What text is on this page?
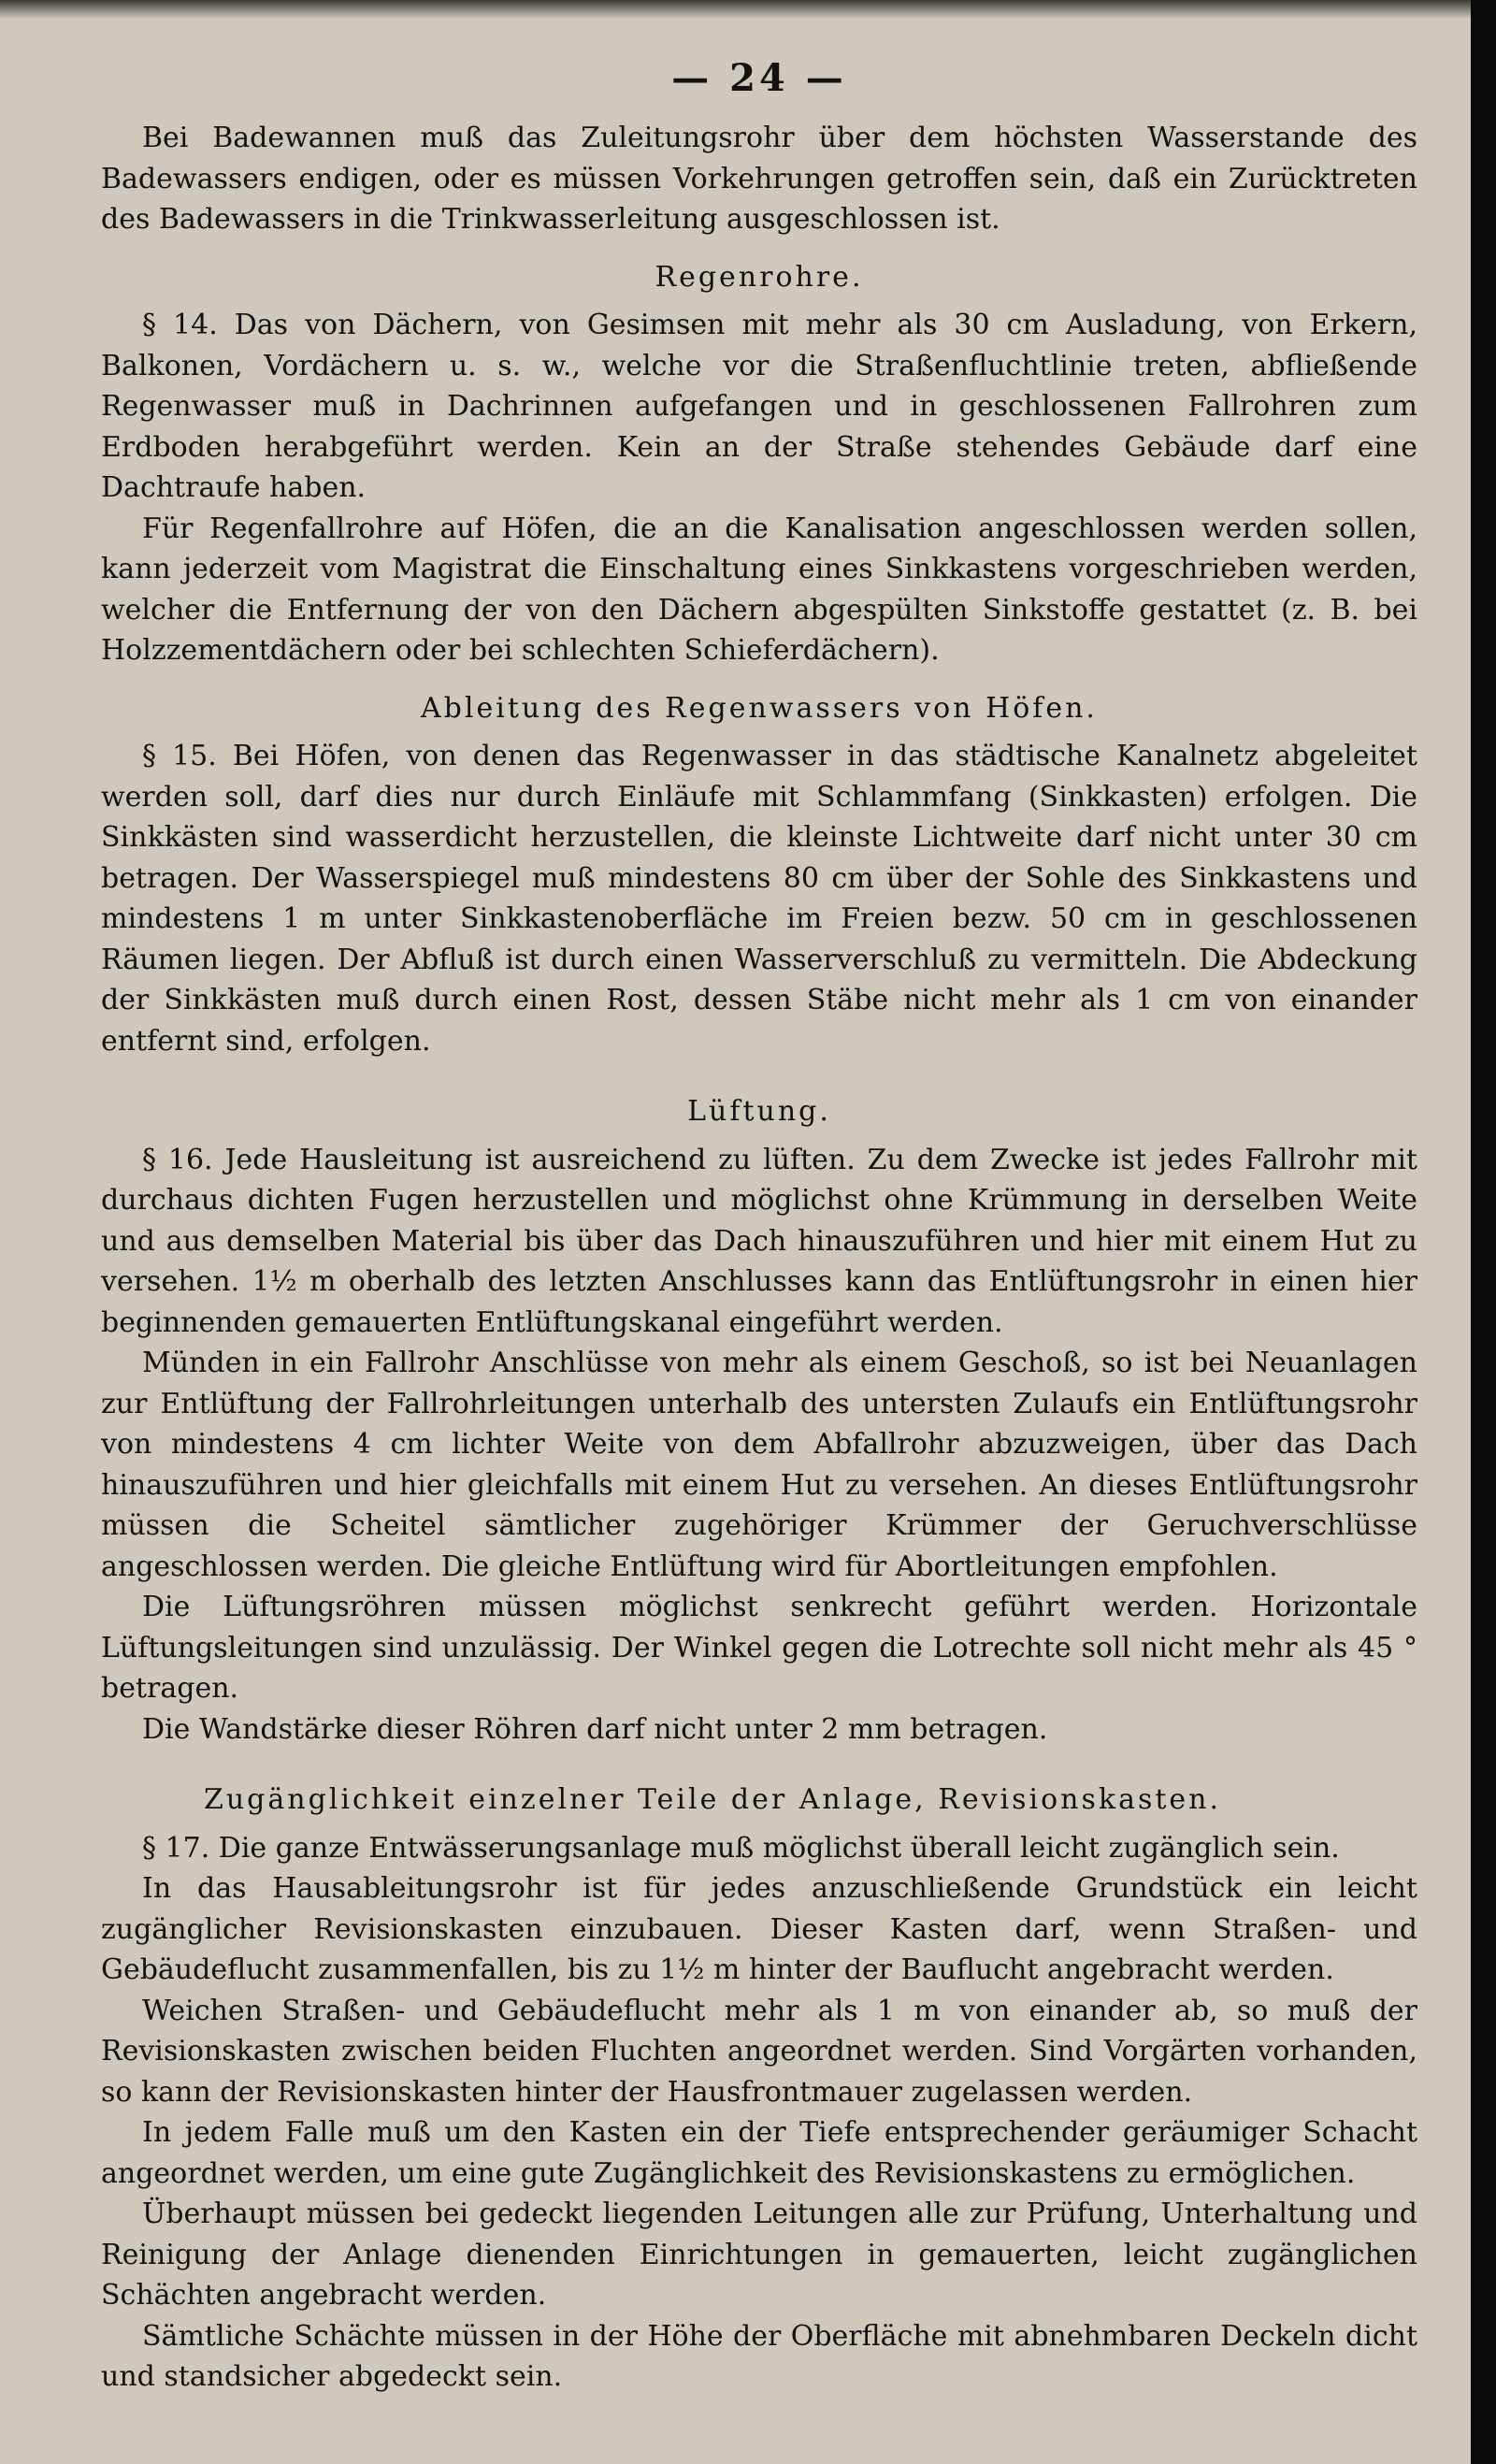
— 24 —

Bei Badewannen muß das Zuleitungsrohr über dem höchsten Wasserstande des Badewassers endigen, oder es müssen Vorkehrungen getroffen sein, daß ein Zurücktreten des Badewassers in die Trinkwasserleitung ausgeschlossen ist.

Regenrohre.

§ 14. Das von Dächern, von Gesimsen mit mehr als 30 cm Ausladung, von Erkern, Balkonen, Vordächern u. s. w., welche vor die Straßenfluchtlinie treten, abfließende Regenwasser muß in Dachrinnen aufgefangen und in geschlossenen Fallrohren zum Erdboden herabgeführt werden. Kein an der Straße stehendes Gebäude darf eine Dachtraufe haben.

Für Regenfallrohre auf Höfen, die an die Kanalisation angeschlossen werden sollen, kann jederzeit vom Magistrat die Einschaltung eines Sinkkastens vorgeschrieben werden, welcher die Entfernung der von den Dächern abgespülten Sinkstoffe gestattet (z. B. bei Holzzementdächern oder bei schlechten Schieferdächern).

Ableitung des Regenwassers von Höfen.

§ 15. Bei Höfen, von denen das Regenwasser in das städtische Kanalnetz abgeleitet werden soll, darf dies nur durch Einläufe mit Schlammfang (Sinkkasten) erfolgen. Die Sinkkästen sind wasserdicht herzustellen, die kleinste Lichtweite darf nicht unter 30 cm betragen. Der Wasserspiegel muß mindestens 80 cm über der Sohle des Sinkkastens und mindestens 1 m unter Sinkkastenoberfläche im Freien bezw. 50 cm in geschlossenen Räumen liegen. Der Abfluß ist durch einen Wasserverschluß zu vermitteln. Die Abdeckung der Sinkkästen muß durch einen Rost, dessen Stäbe nicht mehr als 1 cm von einander entfernt sind, erfolgen.

Lüftung.

§ 16. Jede Hausleitung ist ausreichend zu lüften. Zu dem Zwecke ist jedes Fallrohr mit durchaus dichten Fugen herzustellen und möglichst ohne Krümmung in derselben Weite und aus demselben Material bis über das Dach hinauszuführen und hier mit einem Hut zu versehen. 1½ m oberhalb des letzten Anschlusses kann das Entlüftungsrohr in einen hier beginnenden gemauerten Entlüftungskanal eingeführt werden.

Münden in ein Fallrohr Anschlüsse von mehr als einem Geschoß, so ist bei Neuanlagen zur Entlüftung der Fallrohrleitungen unterhalb des untersten Zulaufs ein Entlüftungsrohr von mindestens 4 cm lichter Weite von dem Abfallrohr abzuzweigen, über das Dach hinauszuführen und hier gleichfalls mit einem Hut zu versehen. An dieses Entlüftungsrohr müssen die Scheitel sämtlicher zugehöriger Krümmer der Geruchverschlüsse angeschlossen werden. Die gleiche Entlüftung wird für Abortleitungen empfohlen.

Die Lüftungsröhren müssen möglichst senkrecht geführt werden. Horizontale Lüftungsleitungen sind unzulässig. Der Winkel gegen die Lotrechte soll nicht mehr als 45 ° betragen.

Die Wandstärke dieser Röhren darf nicht unter 2 mm betragen.

Zugänglichkeit einzelner Teile der Anlage, Revisionskasten.

§ 17. Die ganze Entwässerungsanlage muß möglichst überall leicht zugänglich sein.

In das Hausableitungsrohr ist für jedes anzuschließende Grundstück ein leicht zugänglicher Revisionskasten einzubauen. Dieser Kasten darf, wenn Straßen- und Gebäudeflucht zusammenfallen, bis zu 1½ m hinter der Bauflucht angebracht werden.

Weichen Straßen- und Gebäudeflucht mehr als 1 m von einander ab, so muß der Revisionskasten zwischen beiden Fluchten angeordnet werden. Sind Vorgärten vorhanden, so kann der Revisionskasten hinter der Hausfrontmauer zugelassen werden.

In jedem Falle muß um den Kasten ein der Tiefe entsprechender geräumiger Schacht angeordnet werden, um eine gute Zugänglichkeit des Revisionskastens zu ermöglichen.

Überhaupt müssen bei gedeckt liegenden Leitungen alle zur Prüfung, Unterhaltung und Reinigung der Anlage dienenden Einrichtungen in gemauerten, leicht zugänglichen Schächten angebracht werden.

Sämtliche Schächte müssen in der Höhe der Oberfläche mit abnehmbaren Deckeln dicht und standsicher abgedeckt sein.
